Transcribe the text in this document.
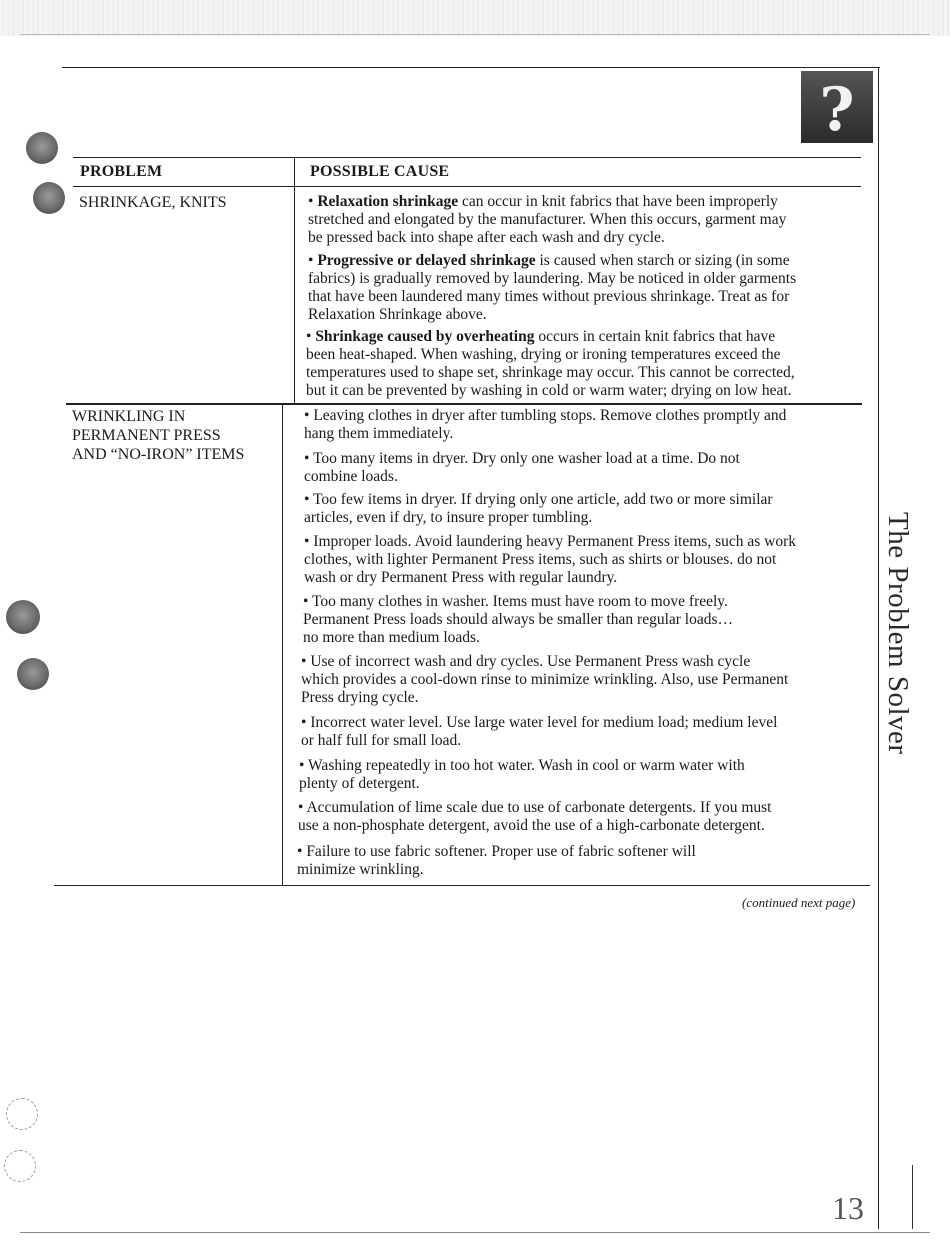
?
PROBLEM	POSSIBLE CAUSE
SHRINKAGE, KNITS	• Relaxation shrinkage can occur in knit fabrics that have been improperly
stretched and elongated by the manufacturer. When this occurs, garment may
be pressed back into shape after each wash and dry cycle.
• Progressive or delayed shrinkage is caused when starch or sizing (in some
fabrics) is gradually removed by laundering. May be noticed in older garments
that have been laundered many times without previous shrinkage. Treat as for
Relaxation Shrinkage above.
• Shrinkage caused by overheating occurs in certain knit fabrics that have
been heat-shaped. When washing, drying or ironing temperatures exceed the
temperatures used to shape set, shrinkage may occur. This cannot be corrected,
but it can be prevented by washing in cold or warm water; drying on low heat.
WRINKLING IN
PERMANENT PRESS
AND “NO-IRON” ITEMS
• Leaving clothes in dryer after tumbling stops. Remove clothes promptly and
hang them immediately.
• Too many items in dryer. Dry only one washer load at a time. Do not
combine loads.
• Too few items in dryer. If drying only one article, add two or more similar
articles, even if dry, to insure proper tumbling.
• Improper loads. Avoid laundering heavy Permanent Press items, such as work
clothes, with lighter Permanent Press items, such as shirts or blouses. do not
wash or dry Permanent Press with regular laundry.
• Too many clothes in washer. Items must have room to move freely.
Permanent Press loads should always be smaller than regular loads…
no more than medium loads.
• Use of incorrect wash and dry cycles. Use Permanent Press wash cycle
which provides a cool-down rinse to minimize wrinkling. Also, use Permanent
Press drying cycle.
• Incorrect water level. Use large water level for medium load; medium level
or half full for small load.
• Washing repeatedly in too hot water. Wash in cool or warm water with
plenty of detergent.
• Accumulation of lime scale due to use of carbonate detergents. If you must
use a non-phosphate detergent, avoid the use of a high-carbonate detergent.
• Failure to use fabric softener. Proper use of fabric softener will
minimize wrinkling.
(continued next page)
13
The Problem Solver
